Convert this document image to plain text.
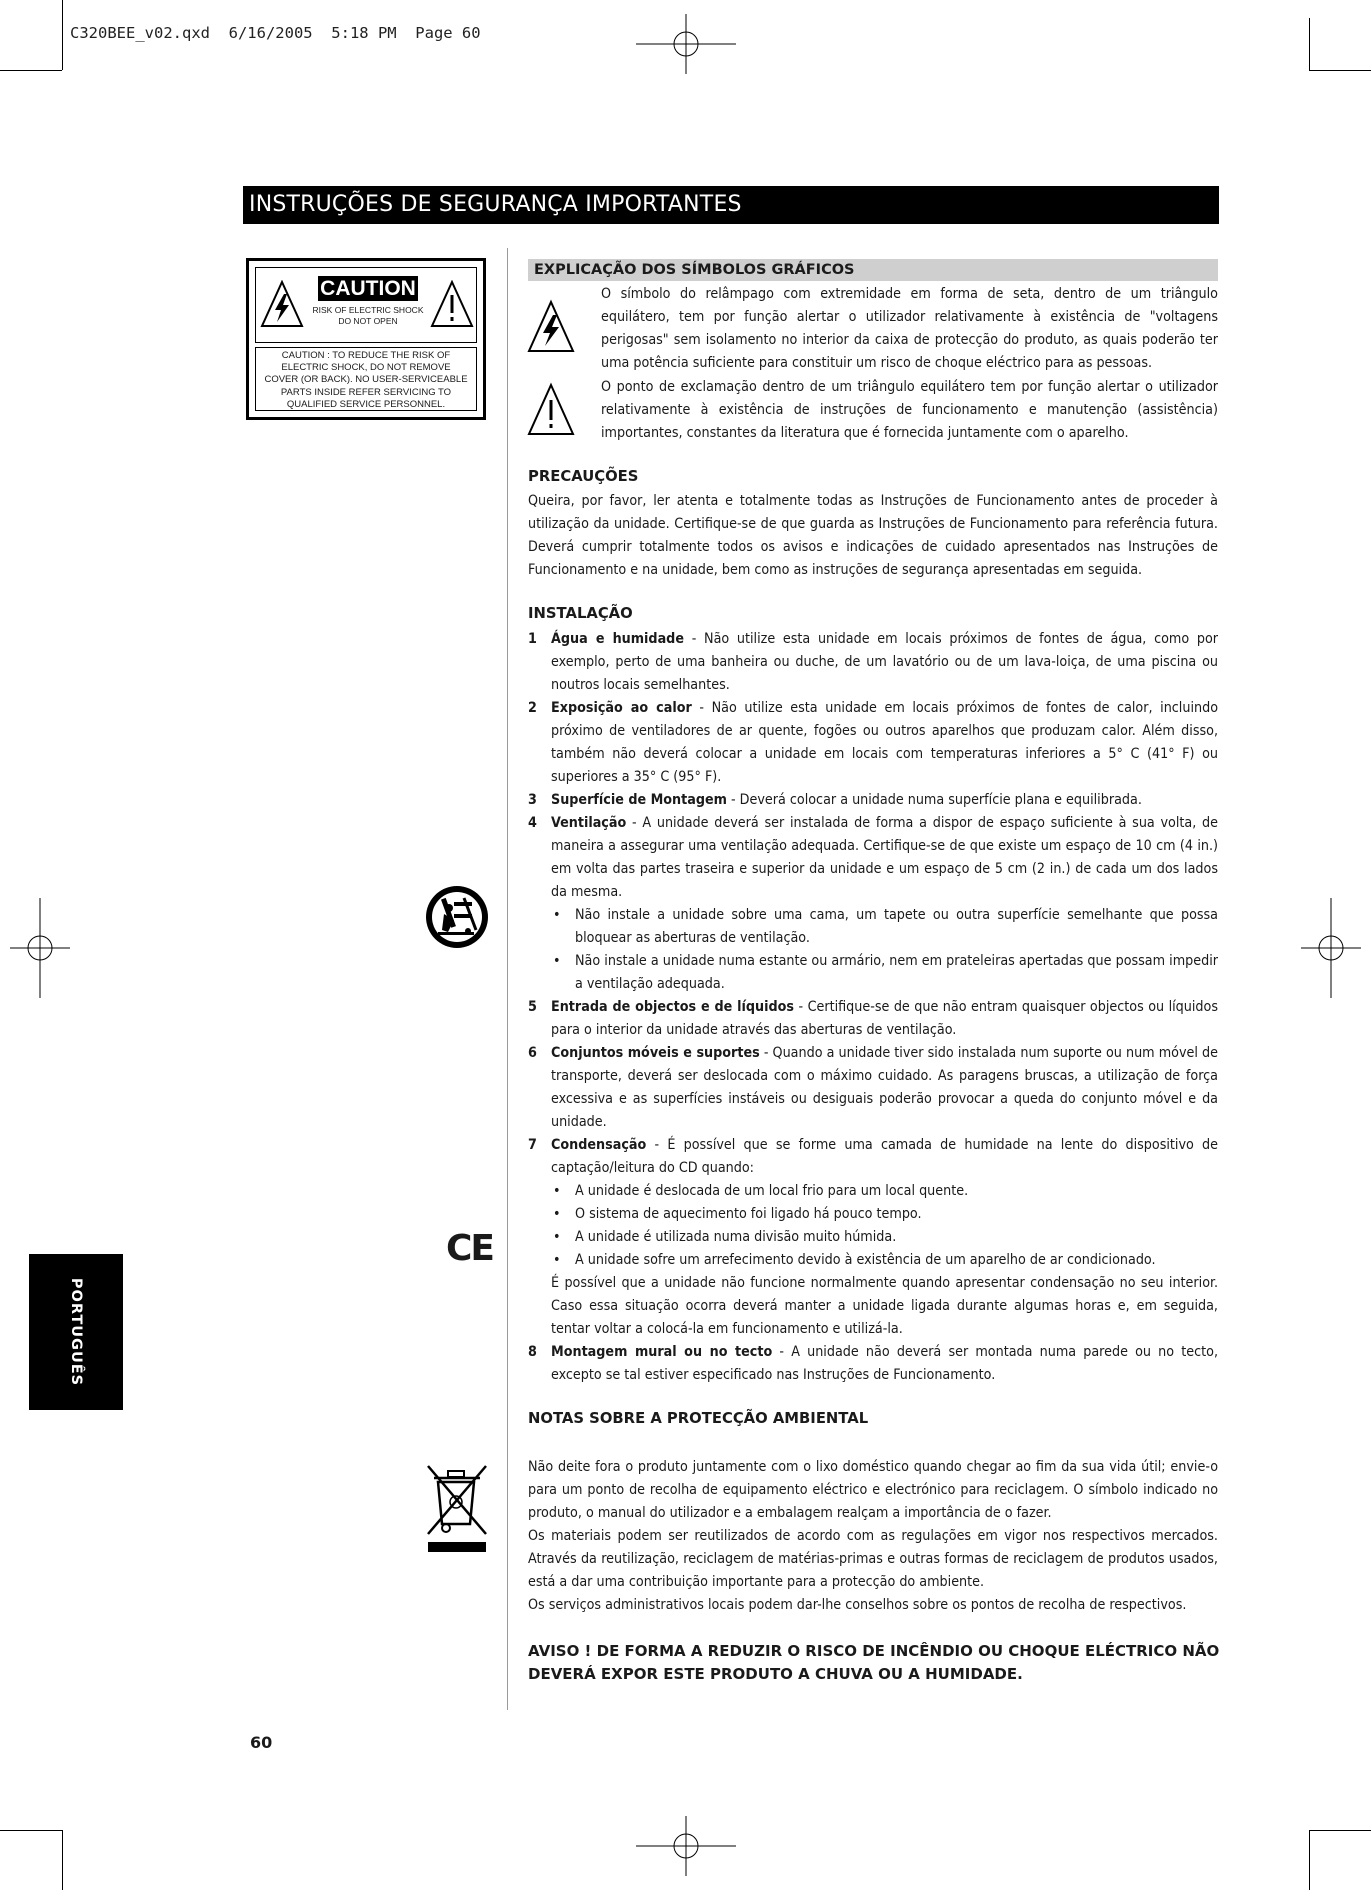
C320BEE_v02.qxd  6/16/2005  5:18 PM  Page 60
INSTRUÇÕES DE SEGURANÇA IMPORTANTES
CAUTION
RISK OF ELECTRIC SHOCK
DO NOT OPEN
CAUTION : TO REDUCE THE RISK OF
ELECTRIC SHOCK, DO NOT REMOVE
COVER (OR BACK). NO USER-SERVICEABLE
PARTS INSIDE REFER SERVICING TO
QUALIFIED SERVICE PERSONNEL.
EXPLICAÇÃO DOS SÍMBOLOS GRÁFICOS
O símbolo do relâmpago com extremidade em forma de seta, dentro de um triângulo equilátero, tem por função alertar o utilizador relativamente à existência de "voltagens perigosas" sem isolamento no interior da caixa de protecção do produto, as quais poderão ter uma potência suficiente para constituir um risco de choque eléctrico para as pessoas.
O ponto de exclamação dentro de um triângulo equilátero tem por função alertar o utilizador relativamente à existência de instruções de funcionamento e manutenção (assistência) importantes, constantes da literatura que é fornecida juntamente com o aparelho.
PRECAUÇÕES
Queira, por favor, ler atenta e totalmente todas as Instruções de Funcionamento antes de proceder à utilização da unidade. Certifique-se de que guarda as Instruções de Funcionamento para referência futura. Deverá cumprir totalmente todos os avisos e indicações de cuidado apresentados nas Instruções de Funcionamento e na unidade, bem como as instruções de segurança apresentadas em seguida.
INSTALAÇÃO
1 Água e humidade - Não utilize esta unidade em locais próximos de fontes de água, como por exemplo, perto de uma banheira ou duche, de um lavatório ou de um lava-loiça, de uma piscina ou noutros locais semelhantes.
2 Exposição ao calor - Não utilize esta unidade em locais próximos de fontes de calor, incluindo próximo de ventiladores de ar quente, fogões ou outros aparelhos que produzam calor. Além disso, também não deverá colocar a unidade em locais com temperaturas inferiores a 5° C (41° F) ou superiores a 35° C (95° F).
3 Superfície de Montagem - Deverá colocar a unidade numa superfície plana e equilibrada.
4 Ventilação - A unidade deverá ser instalada de forma a dispor de espaço suficiente à sua volta, de maneira a assegurar uma ventilação adequada. Certifique-se de que existe um espaço de 10 cm (4 in.) em volta das partes traseira e superior da unidade e um espaço de 5 cm (2 in.) de cada um dos lados da mesma.
• Não instale a unidade sobre uma cama, um tapete ou outra superfície semelhante que possa bloquear as aberturas de ventilação.
• Não instale a unidade numa estante ou armário, nem em prateleiras apertadas que possam impedir a ventilação adequada.
5 Entrada de objectos e de líquidos - Certifique-se de que não entram quaisquer objectos ou líquidos para o interior da unidade através das aberturas de ventilação.
6 Conjuntos móveis e suportes - Quando a unidade tiver sido instalada num suporte ou num móvel de transporte, deverá ser deslocada com o máximo cuidado. As paragens bruscas, a utilização de força excessiva e as superfícies instáveis ou desiguais poderão provocar a queda do conjunto móvel e da unidade.
7 Condensação - É possível que se forme uma camada de humidade na lente do dispositivo de captação/leitura do CD quando:
• A unidade é deslocada de um local frio para um local quente.
• O sistema de aquecimento foi ligado há pouco tempo.
• A unidade é utilizada numa divisão muito húmida.
• A unidade sofre um arrefecimento devido à existência de um aparelho de ar condicionado.
É possível que a unidade não funcione normalmente quando apresentar condensação no seu interior. Caso essa situação ocorra deverá manter a unidade ligada durante algumas horas e, em seguida, tentar voltar a colocá-la em funcionamento e utilizá-la.
8 Montagem mural ou no tecto - A unidade não deverá ser montada numa parede ou no tecto, excepto se tal estiver especificado nas Instruções de Funcionamento.
CE
PORTUGUÊS
NOTAS SOBRE A PROTECÇÃO AMBIENTAL
Não deite fora o produto juntamente com o lixo doméstico quando chegar ao fim da sua vida útil; envie-o para um ponto de recolha de equipamento eléctrico e electrónico para reciclagem. O símbolo indicado no produto, o manual do utilizador e a embalagem realçam a importância de o fazer.
Os materiais podem ser reutilizados de acordo com as regulações em vigor nos respectivos mercados. Através da reutilização, reciclagem de matérias-primas e outras formas de reciclagem de produtos usados, está a dar uma contribuição importante para a protecção do ambiente.
Os serviços administrativos locais podem dar-lhe conselhos sobre os pontos de recolha de respectivos.
AVISO ! DE FORMA A REDUZIR O RISCO DE INCÊNDIO OU CHOQUE ELÉCTRICO NÃO
DEVERÁ EXPOR ESTE PRODUTO A CHUVA OU A HUMIDADE.
60
